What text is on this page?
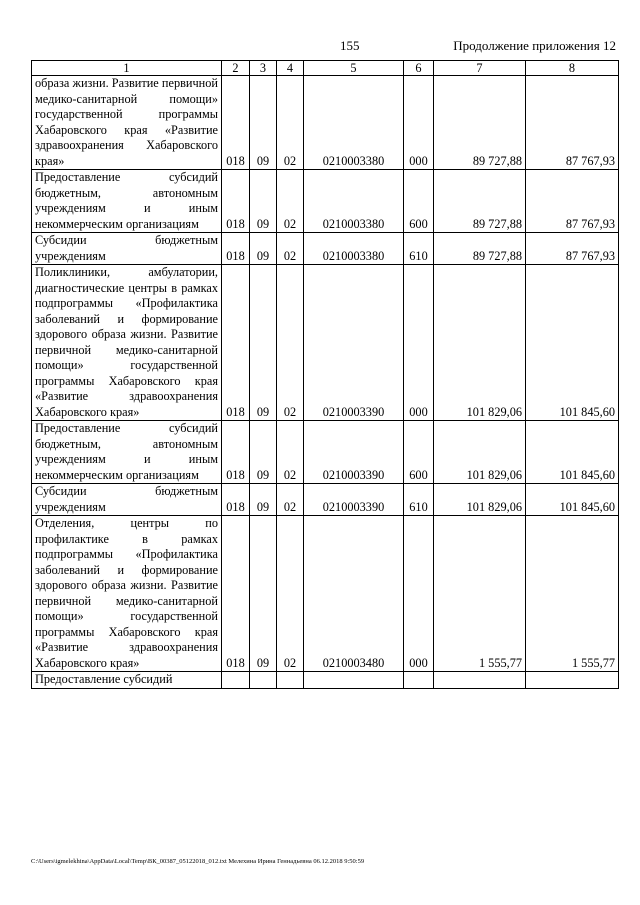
155	Продолжение приложения 12
1	2	3	4	5	6	7	8
образа жизни. Развитие первичной медико-санитарной помощи» государственной программы Хабаровского края «Развитие здравоохранения Хабаровского края»	018	09	02	0210003380	000	89 727,88	87 767,93
Предоставление субсидий бюджетным, автономным учреждениям и иным некоммерческим организациям	018	09	02	0210003380	600	89 727,88	87 767,93
Субсидии бюджетным учреждениям	018	09	02	0210003380	610	89 727,88	87 767,93
Поликлиники, амбулатории, диагностические центры в рамках подпрограммы «Профилактика заболеваний и формирование здорового образа жизни. Развитие первичной медико-санитарной помощи» государственной программы Хабаровского края «Развитие здравоохранения Хабаровского края»	018	09	02	0210003390	000	101 829,06	101 845,60
Предоставление субсидий бюджетным, автономным учреждениям и иным некоммерческим организациям	018	09	02	0210003390	600	101 829,06	101 845,60
Субсидии бюджетным учреждениям	018	09	02	0210003390	610	101 829,06	101 845,60
Отделения, центры по профилактике в рамках подпрограммы «Профилактика заболеваний и формирование здорового образа жизни. Развитие первичной медико-санитарной помощи» государственной программы Хабаровского края «Развитие здравоохранения Хабаровского края»	018	09	02	0210003480	000	1 555,77	1 555,77
Предоставление субсидий							
C:\Users\igmelekhina\AppData\Local\Temp\ВК_00387_05122018_012.txt Мелехина Ирина Геннадьевна 06.12.2018 9:50:59
